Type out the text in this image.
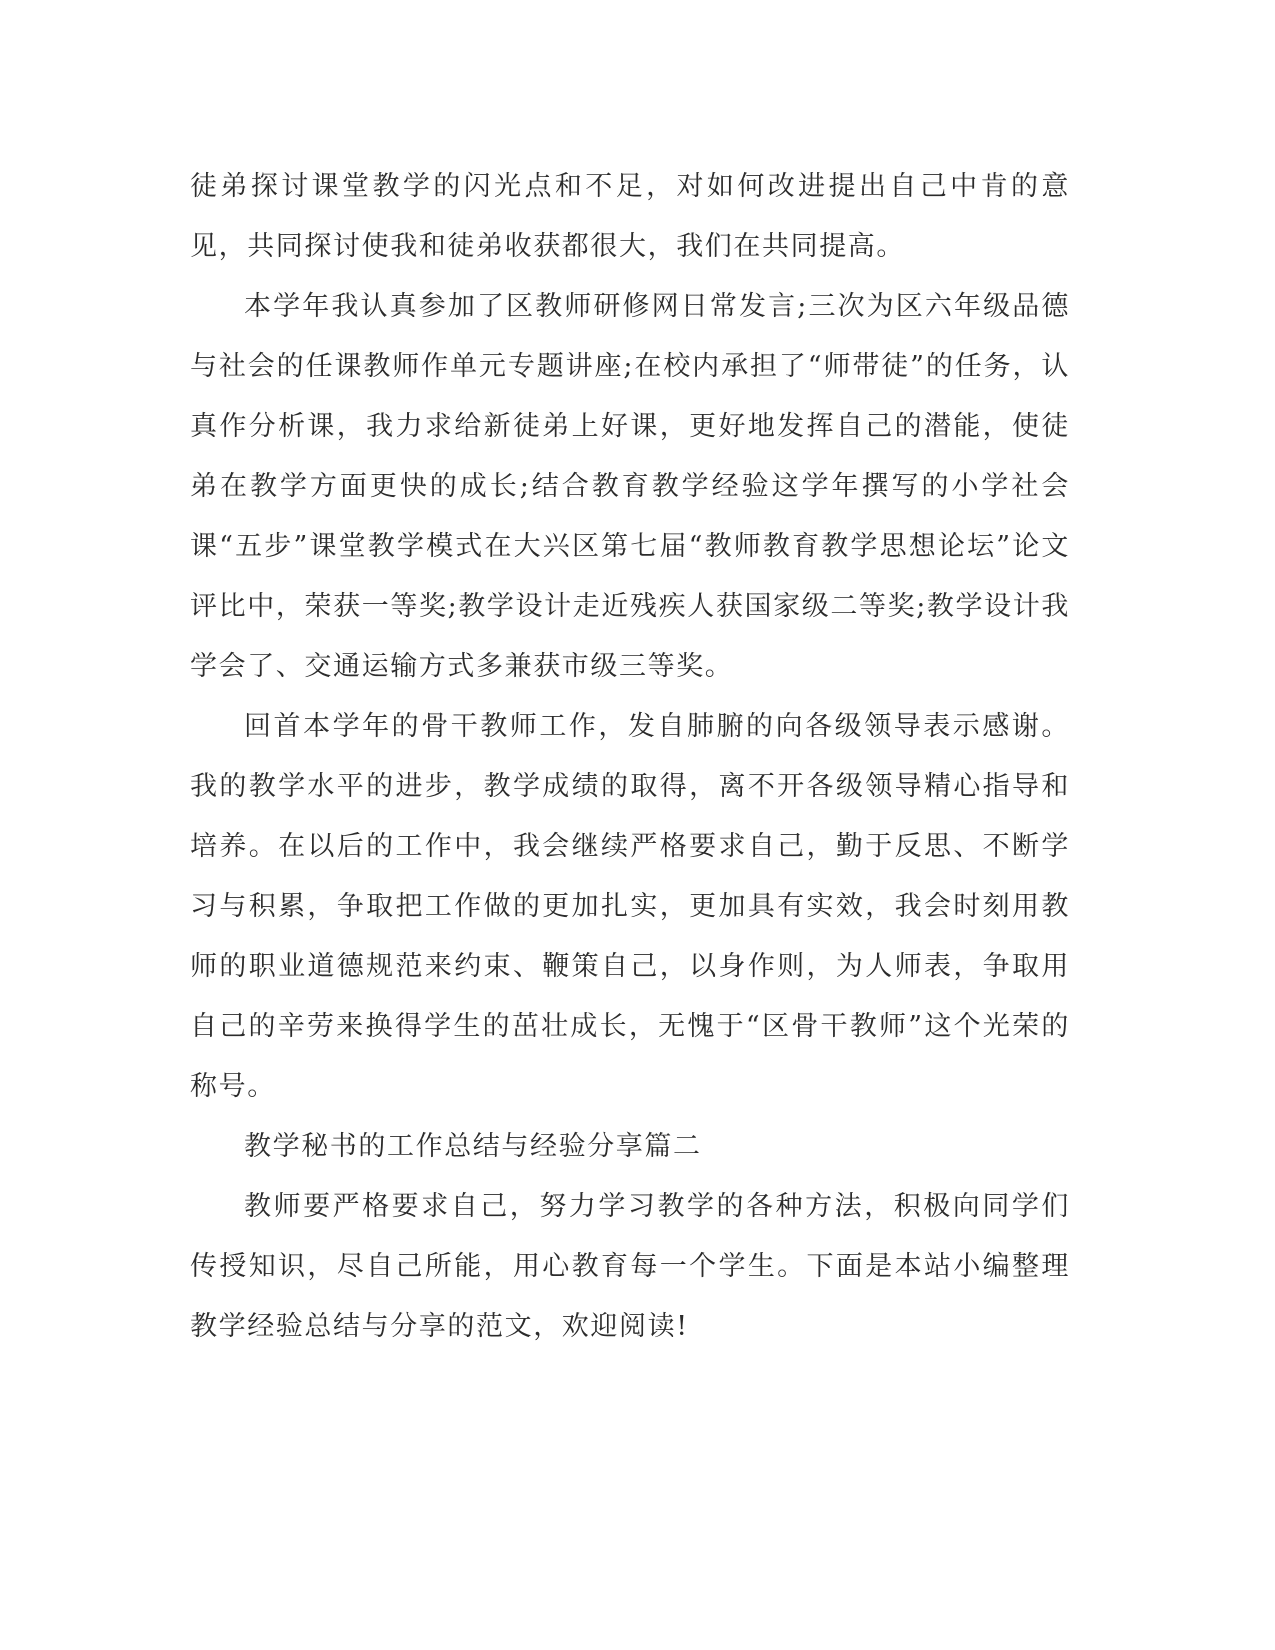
徒弟探讨课堂教学的闪光点和不足，对如何改进提出自己中肯的意见，共同探讨使我和徒弟收获都很大，我们在共同提高。

本学年我认真参加了区教师研修网日常发言;三次为区六年级品德与社会的任课教师作单元专题讲座;在校内承担了“师带徒”的任务，认真作分析课，我力求给新徒弟上好课，更好地发挥自己的潜能，使徒弟在教学方面更快的成长;结合教育教学经验这学年撰写的小学社会课“五步”课堂教学模式在大兴区第七届“教师教育教学思想论坛”论文评比中，荣获一等奖;教学设计走近残疾人获国家级二等奖;教学设计我学会了、交通运输方式多兼获市级三等奖。

回首本学年的骨干教师工作，发自肺腑的向各级领导表示感谢。我的教学水平的进步，教学成绩的取得，离不开各级领导精心指导和培养。在以后的工作中，我会继续严格要求自己，勤于反思、不断学习与积累，争取把工作做的更加扎实，更加具有实效，我会时刻用教师的职业道德规范来约束、鞭策自己，以身作则，为人师表，争取用自己的辛劳来换得学生的茁壮成长，无愧于“区骨干教师”这个光荣的称号。

教学秘书的工作总结与经验分享篇二

教师要严格要求自己，努力学习教学的各种方法，积极向同学们传授知识，尽自己所能，用心教育每一个学生。下面是本站小编整理教学经验总结与分享的范文，欢迎阅读!
